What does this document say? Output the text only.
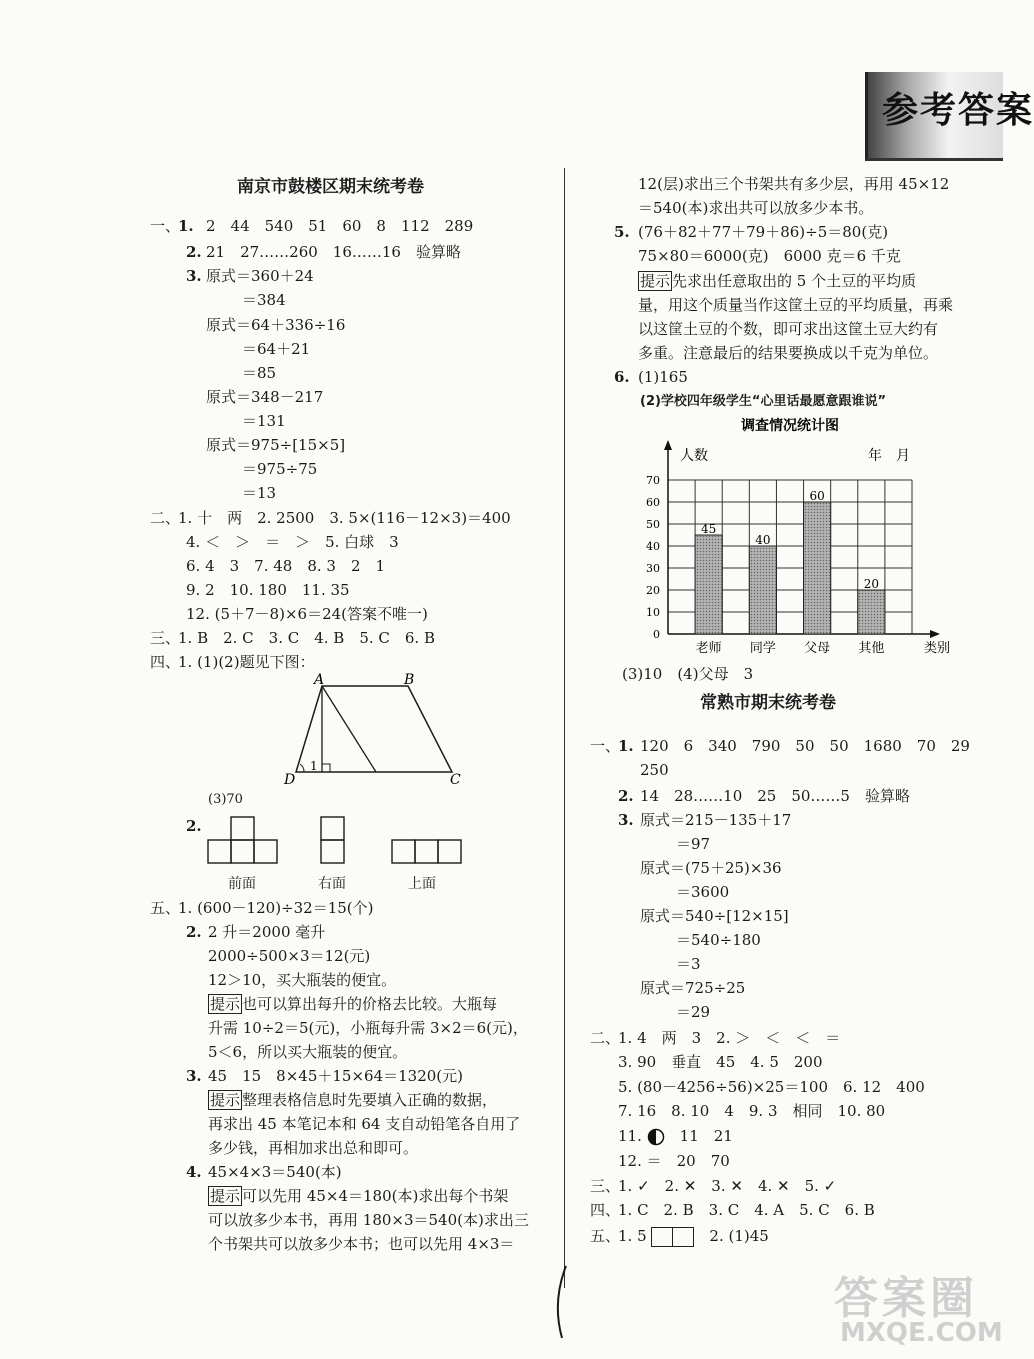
参考答案
南京市鼓楼区期末统考卷
一、
1. 2　44　540　51　60　8　112　289
2. 21　27……260　16……16　验算略
3. 原式＝360＋24
＝384
原式＝64＋336÷16
＝64＋21
＝85
原式＝348－217
＝131
原式＝975÷[15×5]
＝975÷75
＝13
二、
1. 十　两　2. 2500　3. 5×(116－12×3)＝400
4. ＜　＞　＝　＞　5. 白球　3
6. 4　3　7. 48　8. 3　2　1
9. 2　10. 180　11. 35
12. (5＋7－8)×6＝24(答案不唯一)
三、
1. B　2. C　3. C　4. B　5. C　6. B
四、
1. (1)(2)题见下图：
A	B
C
D
1
(3)70
2.
前面	右面	上面
五、
1. (600－120)÷32＝15(个)
2. 2 升＝2000 毫升
2000÷500×3＝12(元)
12＞10，买大瓶装的便宜。
提示 也可以算出每升的价格去比较。大瓶每
升需 10÷2＝5(元)，小瓶每升需 3×2＝6(元)，
5＜6，所以买大瓶装的便宜。
3. 45　15　8×45＋15×64＝1320(元)
提示 整理表格信息时先要填入正确的数据，
再求出 45 本笔记本和 64 支自动铅笔各自用了
多少钱，再相加求出总和即可。
4. 45×4×3＝540(本)
提示 可以先用 45×4＝180(本)求出每个书架
可以放多少本书，再用 180×3＝540(本)求出三
个书架共可以放多少本书；也可以先用 4×3＝
12(层)求出三个书架共有多少层，再用 45×12
＝540(本)求出共可以放多少本书。
5. (76＋82＋77＋79＋86)÷5＝80(克)
75×80＝6000(克)　6000 克＝6 千克
提示 先求出任意取出的 5 个土豆的平均质
量，用这个质量当作这筐土豆的平均质量，再乘
以这筐土豆的个数，即可求出这筐土豆大约有
多重。注意最后的结果要换成以千克为单位。
6. (1)165
(2)学校四年级学生“心里话最愿意跟谁说”
调查情况统计图
人数	年　月
0
10
20
30
40
50
60
70
45
老师
40
同学
60
父母
20
其他	类别
(3)10　(4)父母　3
常熟市期末统考卷
一、
1. 120　6　340　790　50　50　1680　70　29
250
2. 14　28……10　25　50……5　验算略
3. 原式＝215－135＋17
＝97
原式＝(75＋25)×36
＝3600
原式＝540÷[12×15]
＝540÷180
＝3
原式＝725÷25
＝29
二、
1. 4　两　3　2. ＞　＜　＜　＝
3. 90　垂直　45　4. 5　200
5. (80－4256÷56)×25＝100　6. 12　400
7. 16　8. 10　4　9. 3　相同　10. 80
11. 　	11　21
12. ＝　20　70
三、
1. ✓　2. ✕　3. ✕　4. ✕　5. ✓
四、
1. C　2. B　3. C　4. A　5. C　6. B
五、
1. 5 　	2. (1)45
答案圈
MXQE.COM
